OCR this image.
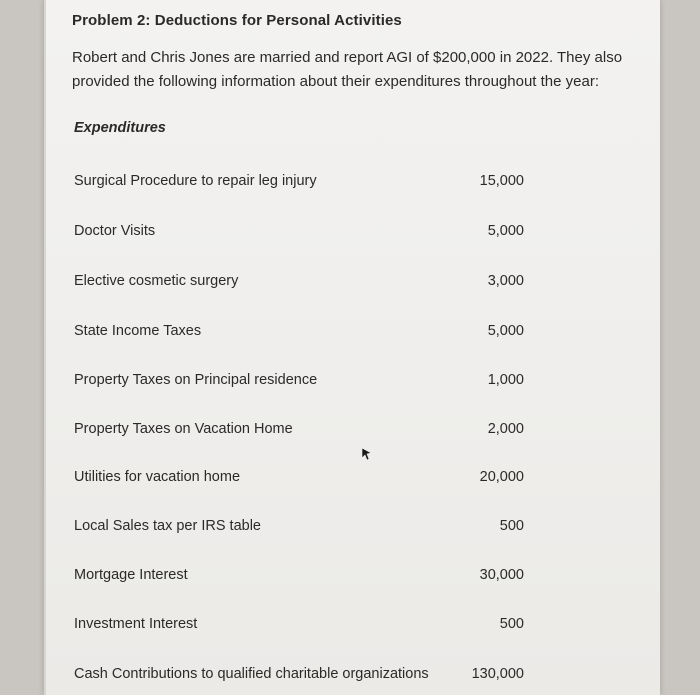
Problem 2: Deductions for Personal Activities
Robert and Chris Jones are married and report AGI of $200,000 in 2022. They also provided the following information about their expenditures throughout the year:
Expenditures
Surgical Procedure to repair leg injury	15,000
Doctor Visits	5,000
Elective cosmetic surgery	3,000
State Income Taxes	5,000
Property Taxes on Principal residence	1,000
Property Taxes on Vacation Home	2,000
Utilities for vacation home	20,000
Local Sales tax per IRS table	500
Mortgage Interest	30,000
Investment Interest	500
Cash Contributions to qualified charitable organizations	130,000
